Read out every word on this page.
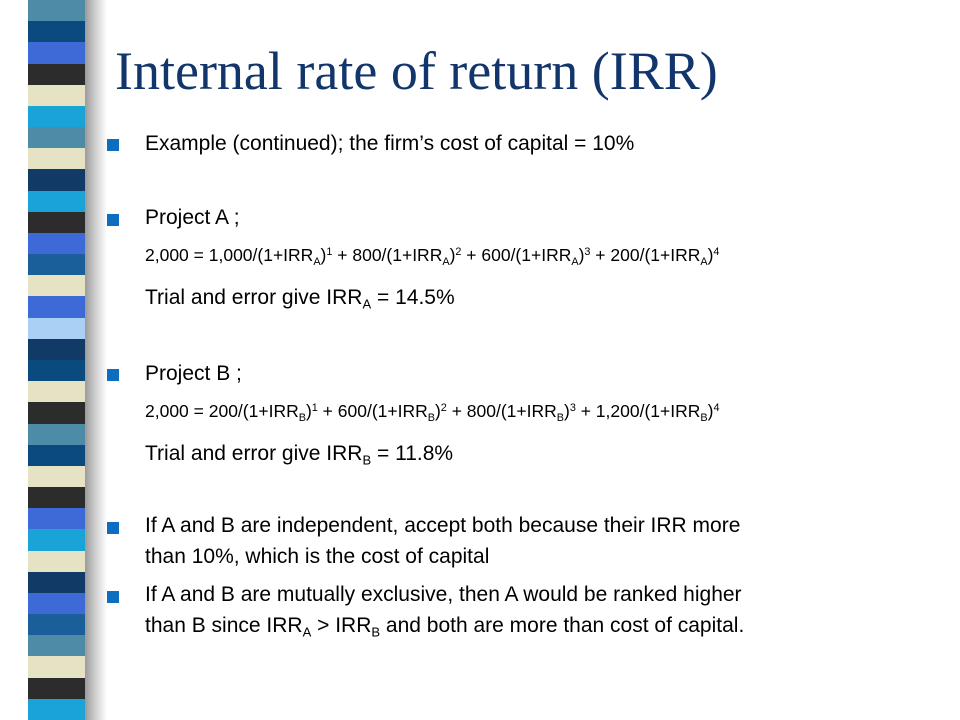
Internal rate of return (IRR)
Example (continued); the firm’s cost of capital = 10%
Project A ;
$2,000 = 1,000/(1+IRR_A)^1 + 800/(1+IRR_A)^2 + 600/(1+IRR_A)^3 + 200/(1+IRR_A)^4$
Trial and error give $IRR_A = 14.5\%$
Project B ;
$2,000 = 200/(1+IRR_B)^1 + 600/(1+IRR_B)^2 + 800/(1+IRR_B)^3 + 1,200/(1+IRR_B)^4$
Trial and error give $IRR_B = 11.8\%$
If A and B are independent, accept both because their IRR more
than 10%, which is the cost of capital
If A and B are mutually exclusive, then A would be ranked higher
than B since $IRR_A > IRR_B$ and both are more than cost of capital.
